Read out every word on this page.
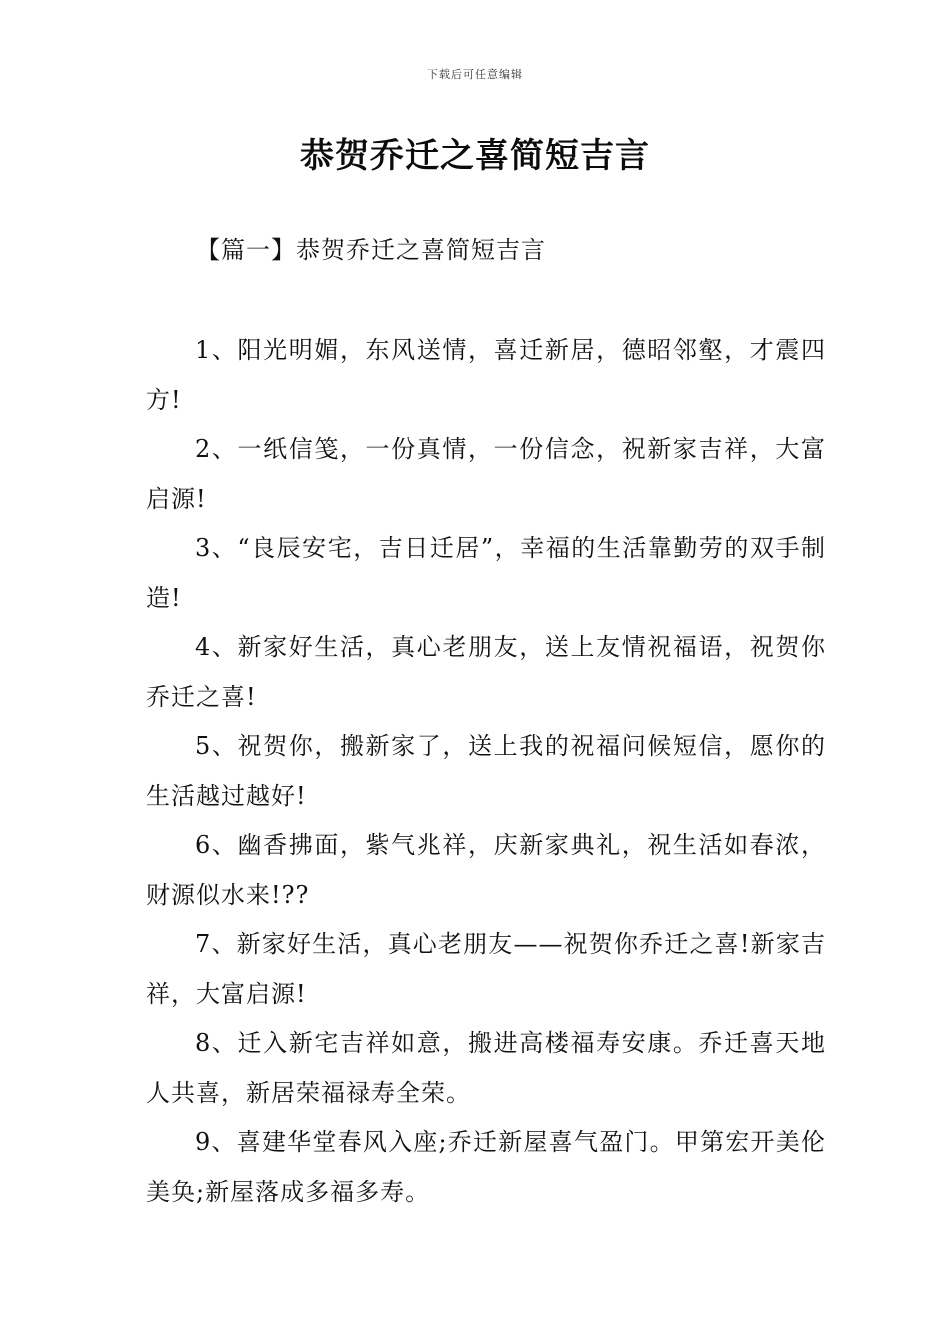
下载后可任意编辑
恭贺乔迁之喜简短吉言
【篇一】恭贺乔迁之喜简短吉言

1、阳光明媚，东风送情，喜迁新居，德昭邻壑，才震四方!

2、一纸信笺，一份真情，一份信念，祝新家吉祥，大富启源!

3、“良辰安宅，吉日迁居”，幸福的生活靠勤劳的双手制造!

4、新家好生活，真心老朋友，送上友情祝福语，祝贺你乔迁之喜!

5、祝贺你，搬新家了，送上我的祝福问候短信，愿你的生活越过越好!

6、幽香拂面，紫气兆祥，庆新家典礼，祝生活如春浓，财源似水来!??

7、新家好生活，真心老朋友——祝贺你乔迁之喜!新家吉祥，大富启源!

8、迁入新宅吉祥如意，搬进高楼福寿安康。乔迁喜天地人共喜，新居荣福禄寿全荣。

9、喜建华堂春风入座;乔迁新屋喜气盈门。甲第宏开美伦美奂;新屋落成多福多寿。
